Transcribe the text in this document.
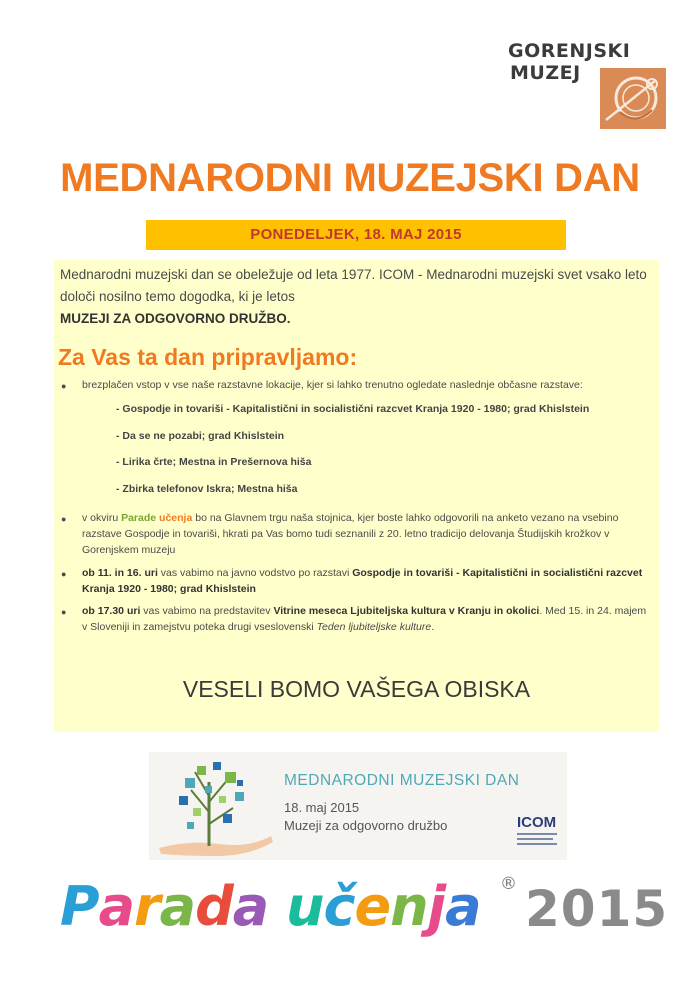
GORENJSKI
MUZEJ
MEDNARODNI MUZEJSKI DAN
PONEDELJEK, 18. MAJ 2015

Mednarodni muzejski dan se obeležuje od leta 1977. ICOM - Mednarodni muzejski svet vsako leto določi nosilno temo dogodka, ki je letos
MUZEJI ZA ODGOVORNO DRUŽBO.

Za Vas ta dan pripravljamo:
● brezplačen vstop v vse naše razstavne lokacije, kjer si lahko trenutno ogledate naslednje občasne razstave:
- Gospodje in tovariši - Kapitalistični in socialistični razcvet Kranja 1920 - 1980; grad Khislstein
- Da se ne pozabi; grad Khislstein
- Lirika črte; Mestna in Prešernova hiša
- Zbirka telefonov Iskra; Mestna hiša
● v okviru Parade učenja bo na Glavnem trgu naša stojnica, kjer boste lahko odgovorili na anketo vezano na vsebino razstave Gospodje in tovariši, hkrati pa Vas bomo tudi seznanili z 20. letno tradicijo delovanja Študijskih krožkov v Gorenjskem muzeju
● ob 11. in 16. uri vas vabimo na javno vodstvo po razstavi Gospodje in tovariši - Kapitalistični in socialistični razcvet Kranja 1920 - 1980; grad Khislstein
● ob 17.30 uri vas vabimo na predstavitev Vitrine meseca Ljubiteljska kultura v Kranju in okolici. Med 15. in 24. majem v Sloveniji in zamejstvu poteka drugi vseslovenski Teden ljubiteljske kulture.
VESELI BOMO VAŠEGA OBISKA
MEDNARODNI MUZEJSKI DAN
18. maj 2015
Muzeji za odgovorno družbo	ICOM
Parada učenja ® 2015
